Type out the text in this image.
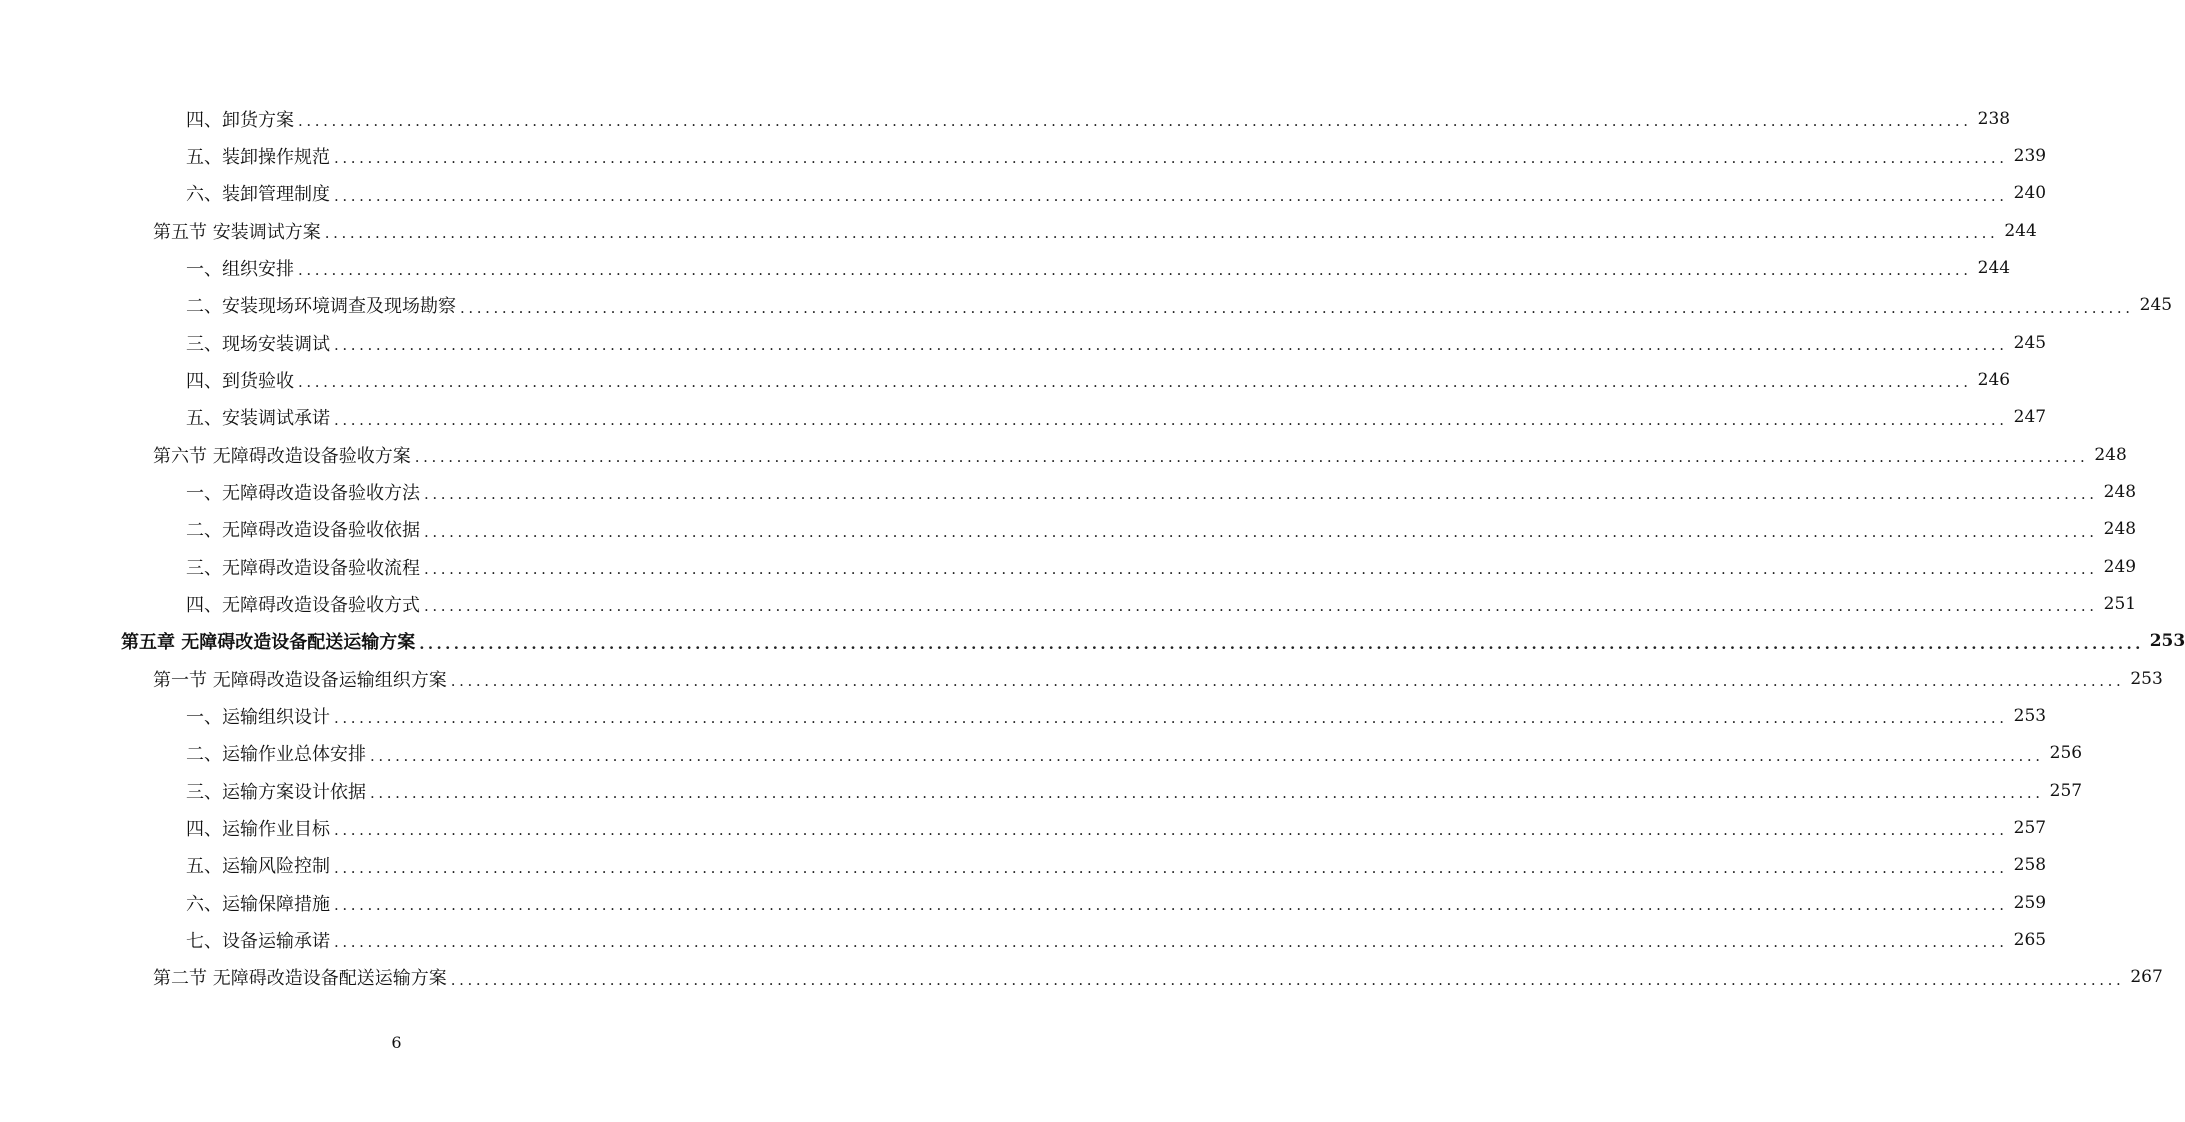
四、卸货方案 ........................................................................................................................................................................................................ 238
五、装卸操作规范 ........................................................................................................................................................................................................ 239
六、装卸管理制度 ........................................................................................................................................................................................................ 240
第五节 安装调试方案 ........................................................................................................................................................................................................ 244
一、组织安排 ........................................................................................................................................................................................................ 244
二、安装现场环境调查及现场勘察 ........................................................................................................................................................................................................ 245
三、现场安装调试 ........................................................................................................................................................................................................ 245
四、到货验收 ........................................................................................................................................................................................................ 246
五、安装调试承诺 ........................................................................................................................................................................................................ 247
第六节 无障碍改造设备验收方案 ........................................................................................................................................................................................................ 248
一、无障碍改造设备验收方法 ........................................................................................................................................................................................................ 248
二、无障碍改造设备验收依据 ........................................................................................................................................................................................................ 248
三、无障碍改造设备验收流程 ........................................................................................................................................................................................................ 249
四、无障碍改造设备验收方式 ........................................................................................................................................................................................................ 251
第五章 无障碍改造设备配送运输方案 ........................................................................................................................................................................................................ 253
第一节 无障碍改造设备运输组织方案 ........................................................................................................................................................................................................ 253
一、运输组织设计 ........................................................................................................................................................................................................ 253
二、运输作业总体安排 ........................................................................................................................................................................................................ 256
三、运输方案设计依据 ........................................................................................................................................................................................................ 257
四、运输作业目标 ........................................................................................................................................................................................................ 257
五、运输风险控制 ........................................................................................................................................................................................................ 258
六、运输保障措施 ........................................................................................................................................................................................................ 259
七、设备运输承诺 ........................................................................................................................................................................................................ 265
第二节 无障碍改造设备配送运输方案 ........................................................................................................................................................................................................ 267
6
